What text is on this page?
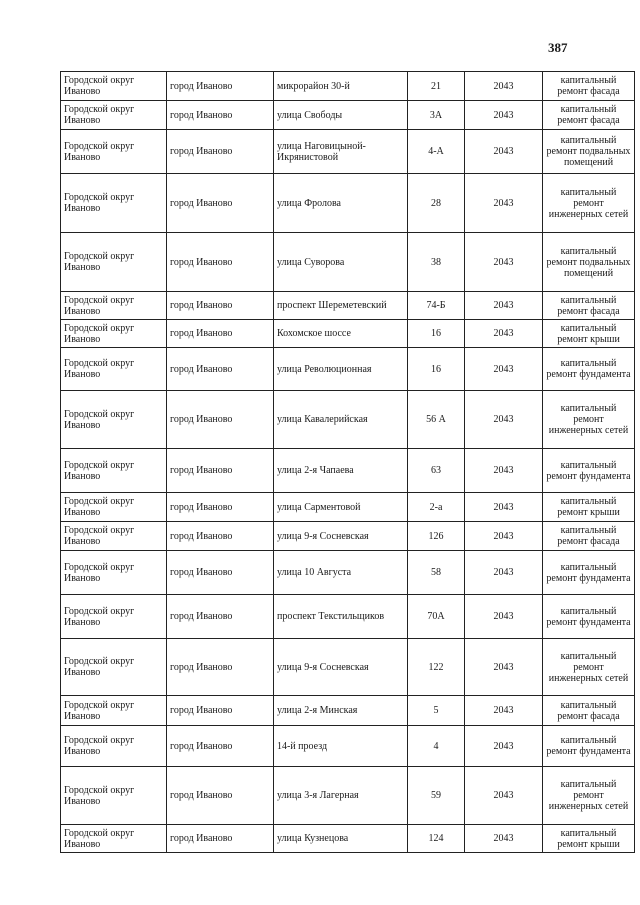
387
Городской округ Иваново	город Иваново	микрорайон 30-й	21	2043	капитальный ремонт фасада
Городской округ Иваново	город Иваново	улица Свободы	3А	2043	капитальный ремонт фасада
Городской округ Иваново	город Иваново	улица Наговицыной-Икрянистовой	4-А	2043	капитальный ремонт подвальных помещений
Городской округ Иваново	город Иваново	улица Фролова	28	2043	капитальный ремонт инженерных сетей
Городской округ Иваново	город Иваново	улица Суворова	38	2043	капитальный ремонт подвальных помещений
Городской округ Иваново	город Иваново	проспект Шереметевский	74-Б	2043	капитальный ремонт фасада
Городской округ Иваново	город Иваново	Кохомское шоссе	16	2043	капитальный ремонт крыши
Городской округ Иваново	город Иваново	улица Революционная	16	2043	капитальный ремонт фундамента
Городской округ Иваново	город Иваново	улица Кавалерийская	56 А	2043	капитальный ремонт инженерных сетей
Городской округ Иваново	город Иваново	улица 2-я Чапаева	63	2043	капитальный ремонт фундамента
Городской округ Иваново	город Иваново	улица Сарментовой	2-а	2043	капитальный ремонт крыши
Городской округ Иваново	город Иваново	улица 9-я Сосневская	126	2043	капитальный ремонт фасада
Городской округ Иваново	город Иваново	улица 10 Августа	58	2043	капитальный ремонт фундамента
Городской округ Иваново	город Иваново	проспект Текстильщиков	70А	2043	капитальный ремонт фундамента
Городской округ Иваново	город Иваново	улица 9-я Сосневская	122	2043	капитальный ремонт инженерных сетей
Городской округ Иваново	город Иваново	улица 2-я Минская	5	2043	капитальный ремонт фасада
Городской округ Иваново	город Иваново	14-й проезд	4	2043	капитальный ремонт фундамента
Городской округ Иваново	город Иваново	улица 3-я Лагерная	59	2043	капитальный ремонт инженерных сетей
Городской округ Иваново	город Иваново	улица Кузнецова	124	2043	капитальный ремонт крыши
